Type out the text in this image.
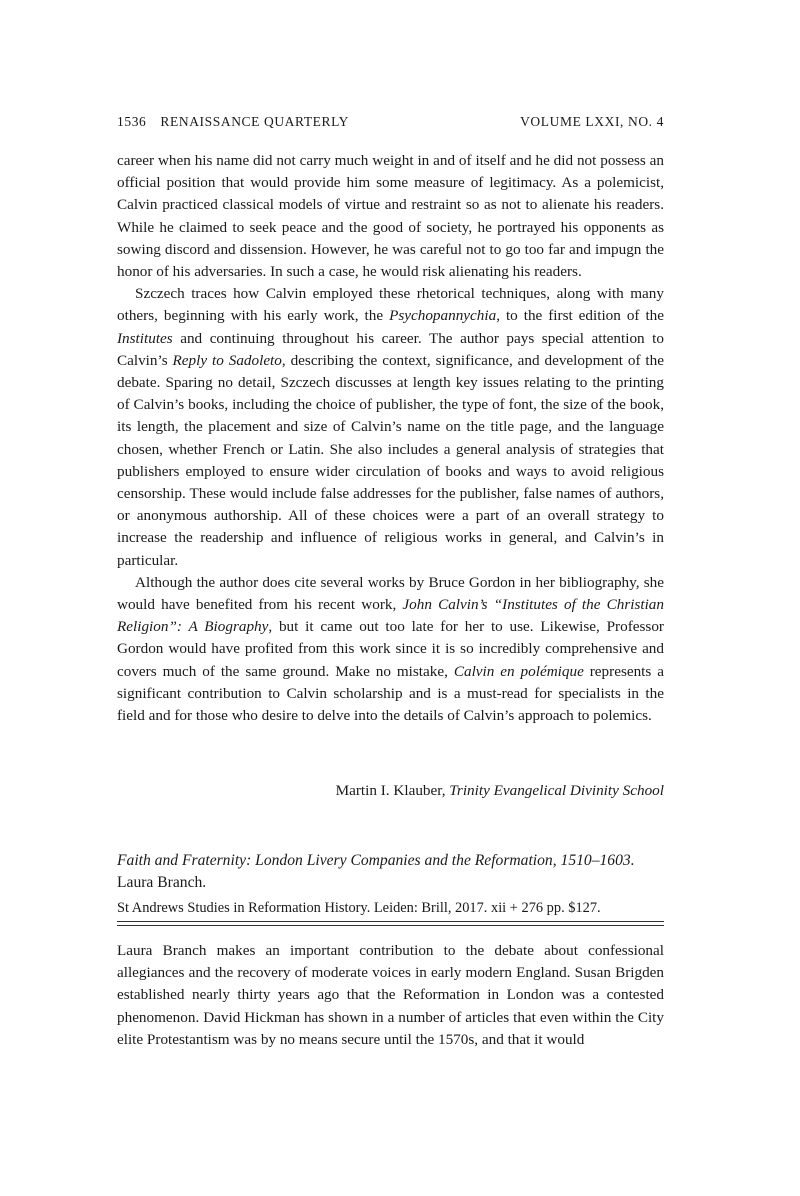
1536 RENAISSANCE QUARTERLY	VOLUME LXXI, NO. 4

career when his name did not carry much weight in and of itself and he did not possess an official position that would provide him some measure of legitimacy. As a polemicist, Calvin practiced classical models of virtue and restraint so as not to alienate his readers. While he claimed to seek peace and the good of society, he portrayed his opponents as sowing discord and dissension. However, he was careful not to go too far and impugn the honor of his adversaries. In such a case, he would risk alienating his readers.

Szczech traces how Calvin employed these rhetorical techniques, along with many others, beginning with his early work, the Psychopannychia, to the first edition of the Institutes and continuing throughout his career. The author pays special attention to Calvin’s Reply to Sadoleto, describing the context, significance, and development of the debate. Sparing no detail, Szczech discusses at length key issues relating to the printing of Calvin’s books, including the choice of publisher, the type of font, the size of the book, its length, the placement and size of Calvin’s name on the title page, and the language chosen, whether French or Latin. She also includes a general analysis of strategies that publishers employed to ensure wider circulation of books and ways to avoid religious censorship. These would include false addresses for the publisher, false names of authors, or anonymous authorship. All of these choices were a part of an overall strategy to increase the readership and influence of religious works in general, and Calvin’s in particular.

Although the author does cite several works by Bruce Gordon in her bibliography, she would have benefited from his recent work, John Calvin’s “Institutes of the Christian Religion”: A Biography, but it came out too late for her to use. Likewise, Professor Gordon would have profited from this work since it is so incredibly comprehensive and covers much of the same ground. Make no mistake, Calvin en polémique represents a significant contribution to Calvin scholarship and is a must-read for specialists in the field and for those who desire to delve into the details of Calvin’s approach to polemics.

Martin I. Klauber, Trinity Evangelical Divinity School
Faith and Fraternity: London Livery Companies and the Reformation, 1510–1603.
Laura Branch.
St Andrews Studies in Reformation History. Leiden: Brill, 2017. xii + 276 pp. $127.

Laura Branch makes an important contribution to the debate about confessional allegiances and the recovery of moderate voices in early modern England. Susan Brigden established nearly thirty years ago that the Reformation in London was a contested phenomenon. David Hickman has shown in a number of articles that even within the City elite Protestantism was by no means secure until the 1570s, and that it would
